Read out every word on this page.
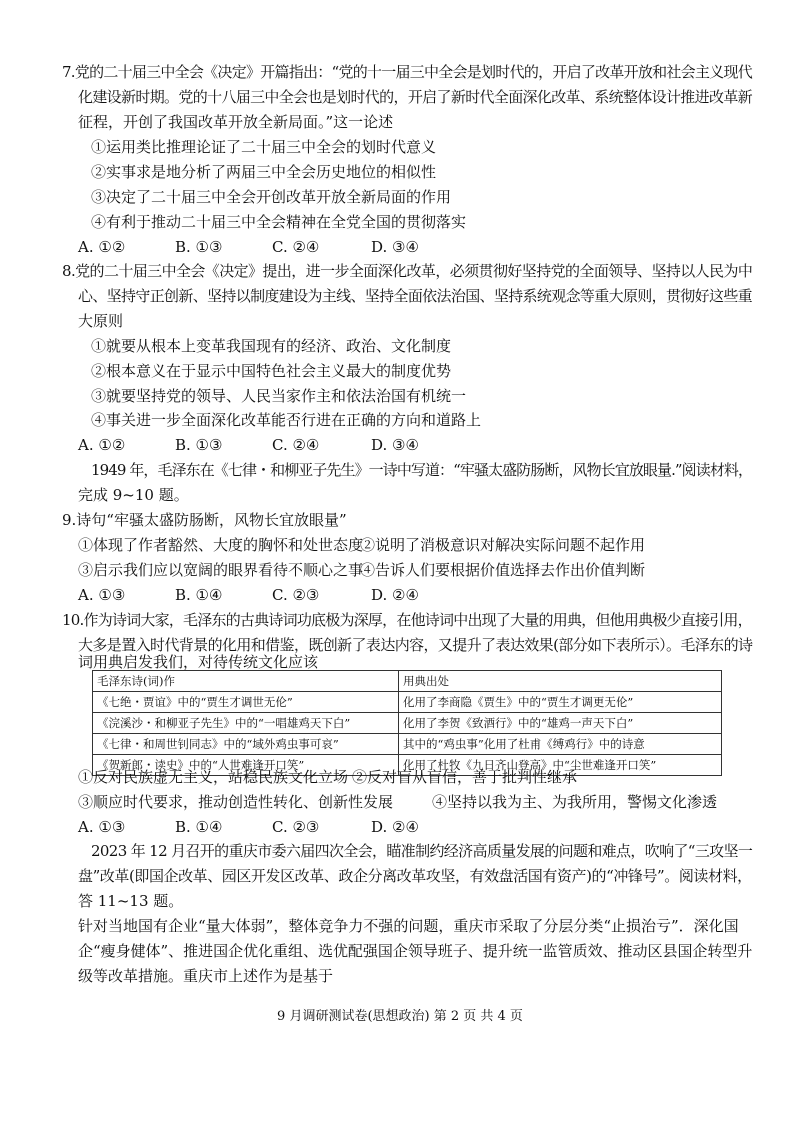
7.党的二十届三中全会《决定》开篇指出：“党的十一届三中全会是划时代的，开启了改革开放和社会主义现代
化建设新时期。党的十八届三中全会也是划时代的，开启了新时代全面深化改革、系统整体设计推进改革新
征程，开创了我国改革开放全新局面。”这一论述
①运用类比推理论证了二十届三中全会的划时代意义
②实事求是地分析了两届三中全会历史地位的相似性
③决定了二十届三中全会开创改革开放全新局面的作用
④有利于推动二十届三中全会精神在全党全国的贯彻落实
A. ①②	B. ①③	C. ②④	D. ③④
8.党的二十届三中全会《决定》提出，进一步全面深化改革，必须贯彻好坚持党的全面领导、坚持以人民为中
心、坚持守正创新、坚持以制度建设为主线、坚持全面依法治国、坚持系统观念等重大原则，贯彻好这些重
大原则
①就要从根本上变革我国现有的经济、政治、文化制度
②根本意义在于显示中国特色社会主义最大的制度优势
③就要坚持党的领导、人民当家作主和依法治国有机统一
④事关进一步全面深化改革能否行进在正确的方向和道路上
A. ①②	B. ①③	C. ②④	D. ③④
1949 年，毛泽东在《七律・和柳亚子先生》一诗中写道：“牢骚太盛防肠断，风物长宜放眼量.”阅读材料，
完成 9~10 题。
9.诗句“牢骚太盛防肠断，风物长宜放眼量”
①体现了作者豁然、大度的胸怀和处世态度
②说明了消极意识对解决实际问题不起作用
③启示我们应以宽阔的眼界看待不顺心之事
④告诉人们要根据价值选择去作出价值判断
A. ①③	B. ①④	C. ②③	D. ②④
10.作为诗词大家，毛泽东的古典诗词功底极为深厚，在他诗词中出现了大量的用典，但他用典极少直接引用，
大多是置入时代背景的化用和借鉴，既创新了表达内容，又提升了表达效果(部分如下表所示）。毛泽东的诗
词用典启发我们，对待传统文化应该
毛泽东诗(词)作	用典出处
《七绝・贾谊》中的“贾生才调世无伦”	化用了李商隐《贾生》中的“贾生才调更无伦”
《浣溪沙・和柳亚子先生》中的“一唱雄鸡天下白”	化用了李贺《致酒行》中的“雄鸡一声天下白”
《七律・和周世钊同志》中的“域外鸡虫事可哀”	其中的“鸡虫事”化用了杜甫《缚鸡行》中的诗意
《贺新郎・读史》中的“人世难逢开口笑”	化用了杜牧《九日齐山登高》中“尘世难逢开口笑”
①反对民族虚无主义，站稳民族文化立场 ②反对盲从盲信，善于批判性继承
③顺应时代要求，推动创造性转化、创新性发展	④坚持以我为主、为我所用，警惕文化渗透
A. ①③	B. ①④	C. ②③	D. ②④
2023 年 12 月召开的重庆市委六届四次全会，瞄准制约经济高质量发展的问题和难点，吹响了“三攻坚一
盘”改革(即国企改革、园区开发区改革、政企分离改革攻坚，有效盘活国有资产)的“冲锋号”。阅读材料，
答 11~13 题。
针对当地国有企业“量大体弱”，整体竞争力不强的问题，重庆市采取了分层分类“止损治亏”．深化国
企“瘦身健体”、推进国企优化重组、选优配强国企领导班子、提升统一监管质效、推动区县国企转型升
级等改革措施。重庆市上述作为是基于
9 月调研测试卷(思想政治) 第 2 页 共 4 页
